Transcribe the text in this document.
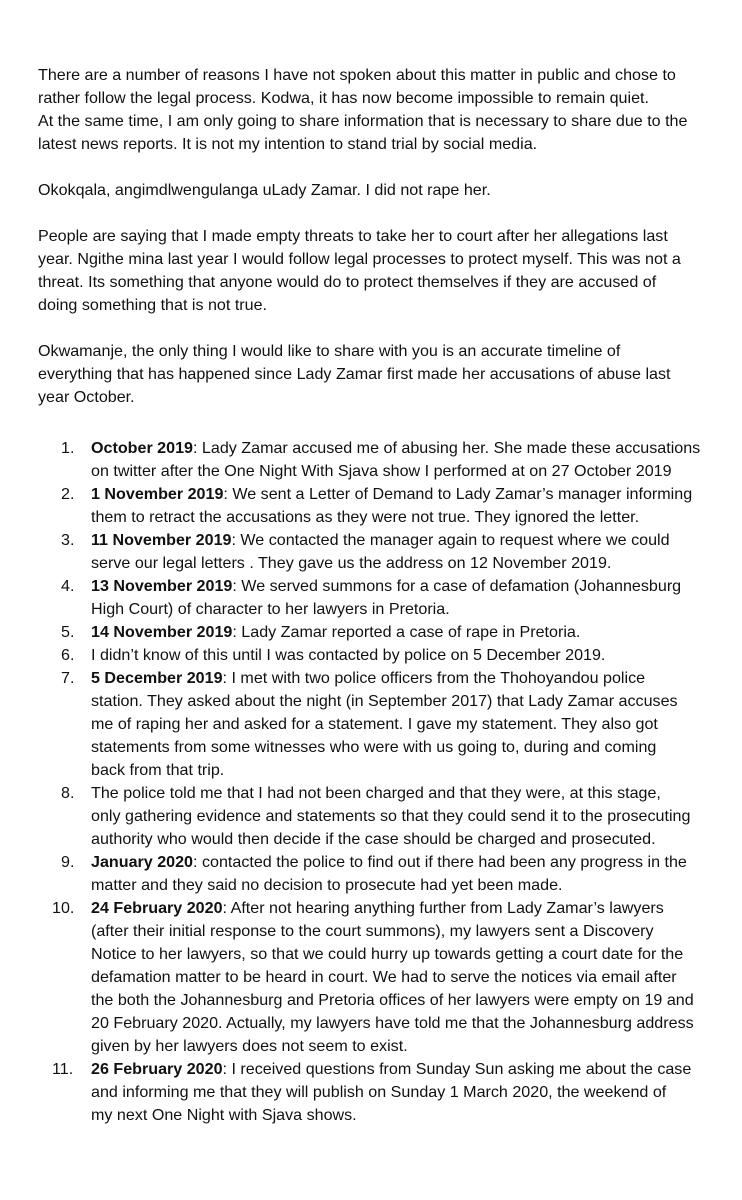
There are a number of reasons I have not spoken about this matter in public and chose to
rather follow the legal process. Kodwa, it has now become impossible to remain quiet.
At the same time, I am only going to share information that is necessary to share due to the
latest news reports. It is not my intention to stand trial by social media.

Okokqala, angimdlwengulanga uLady Zamar. I did not rape her.

People are saying that I made empty threats to take her to court after her allegations last
year. Ngithe mina last year I would follow legal processes to protect myself. This was not a
threat. Its something that anyone would do to protect themselves if they are accused of
doing something that is not true.

Okwamanje, the only thing I would like to share with you is an accurate timeline of
everything that has happened since Lady Zamar first made her accusations of abuse last
year October.

1. October 2019: Lady Zamar accused me of abusing her. She made these accusations
on twitter after the One Night With Sjava show I performed at on 27 October 2019
2. 1 November 2019: We sent a Letter of Demand to Lady Zamar’s manager informing
them to retract the accusations as they were not true. They ignored the letter.
3. 11 November 2019: We contacted the manager again to request where we could
serve our legal letters . They gave us the address on 12 November 2019.
4. 13 November 2019: We served summons for a case of defamation (Johannesburg
High Court) of character to her lawyers in Pretoria.
5. 14 November 2019: Lady Zamar reported a case of rape in Pretoria.
6. I didn’t know of this until I was contacted by police on 5 December 2019.
7. 5 December 2019: I met with two police officers from the Thohoyandou police
station. They asked about the night (in September 2017) that Lady Zamar accuses
me of raping her and asked for a statement. I gave my statement. They also got
statements from some witnesses who were with us going to, during and coming
back from that trip.
8. The police told me that I had not been charged and that they were, at this stage,
only gathering evidence and statements so that they could send it to the prosecuting
authority who would then decide if the case should be charged and prosecuted.
9. January 2020: contacted the police to find out if there had been any progress in the
matter and they said no decision to prosecute had yet been made.
10. 24 February 2020: After not hearing anything further from Lady Zamar’s lawyers
(after their initial response to the court summons), my lawyers sent a Discovery
Notice to her lawyers, so that we could hurry up towards getting a court date for the
defamation matter to be heard in court. We had to serve the notices via email after
the both the Johannesburg and Pretoria offices of her lawyers were empty on 19 and
20 February 2020. Actually, my lawyers have told me that the Johannesburg address
given by her lawyers does not seem to exist.
11. 26 February 2020: I received questions from Sunday Sun asking me about the case
and informing me that they will publish on Sunday 1 March 2020, the weekend of
my next One Night with Sjava shows.
